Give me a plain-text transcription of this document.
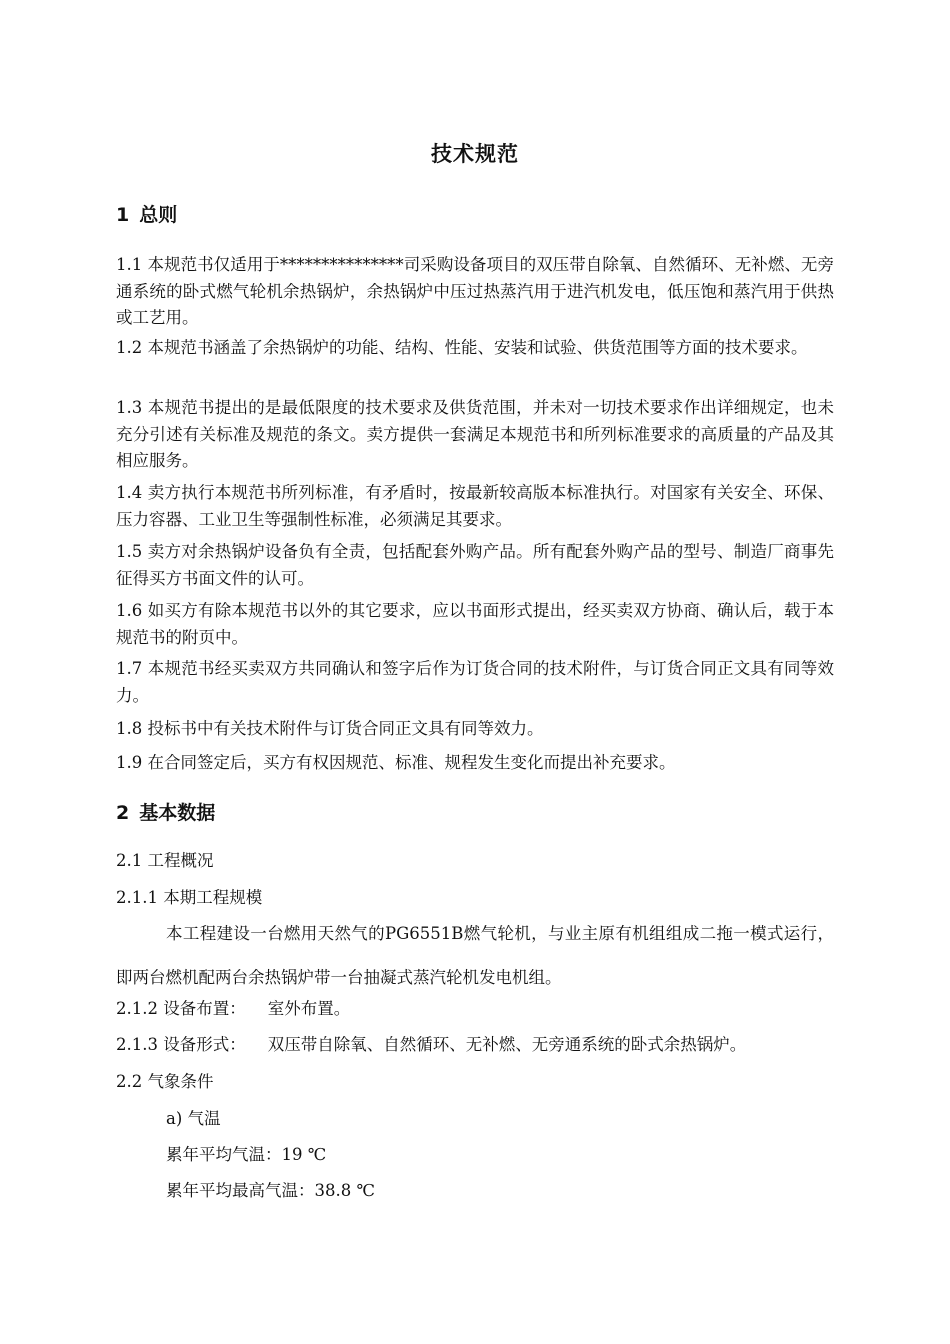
技术规范
1 总则
1.1 本规范书仅适用于***************司采购设备项目的双压带自除氧、自然循环、无补燃、无旁通系统的卧式燃气轮机余热锅炉，余热锅炉中压过热蒸汽用于进汽机发电，低压饱和蒸汽用于供热或工艺用。
1.2 本规范书涵盖了余热锅炉的功能、结构、性能、安装和试验、供货范围等方面的技术要求。
1.3 本规范书提出的是最低限度的技术要求及供货范围，并未对一切技术要求作出详细规定，也未充分引述有关标准及规范的条文。卖方提供一套满足本规范书和所列标准要求的高质量的产品及其相应服务。
1.4 卖方执行本规范书所列标准，有矛盾时，按最新较高版本标准执行。对国家有关安全、环保、压力容器、工业卫生等强制性标准，必须满足其要求。
1.5 卖方对余热锅炉设备负有全责，包括配套外购产品。所有配套外购产品的型号、制造厂商事先征得买方书面文件的认可。
1.6 如买方有除本规范书以外的其它要求，应以书面形式提出，经买卖双方协商、确认后，载于本规范书的附页中。
1.7 本规范书经买卖双方共同确认和签字后作为订货合同的技术附件，与订货合同正文具有同等效力。
1.8 投标书中有关技术附件与订货合同正文具有同等效力。
1.9 在合同签定后，买方有权因规范、标准、规程发生变化而提出补充要求。
2 基本数据
2.1 工程概况
2.1.1 本期工程规模
本工程建设一台燃用天然气的PG6551B燃气轮机，与业主原有机组组成二拖一模式运行，即两台燃机配两台余热锅炉带一台抽凝式蒸汽轮机发电机组。
2.1.2 设备布置： 室外布置。
2.1.3 设备形式： 双压带自除氧、自然循环、无补燃、无旁通系统的卧式余热锅炉。
2.2 气象条件
a) 气温
累年平均气温：19 ℃
累年平均最高气温：38.8 ℃
